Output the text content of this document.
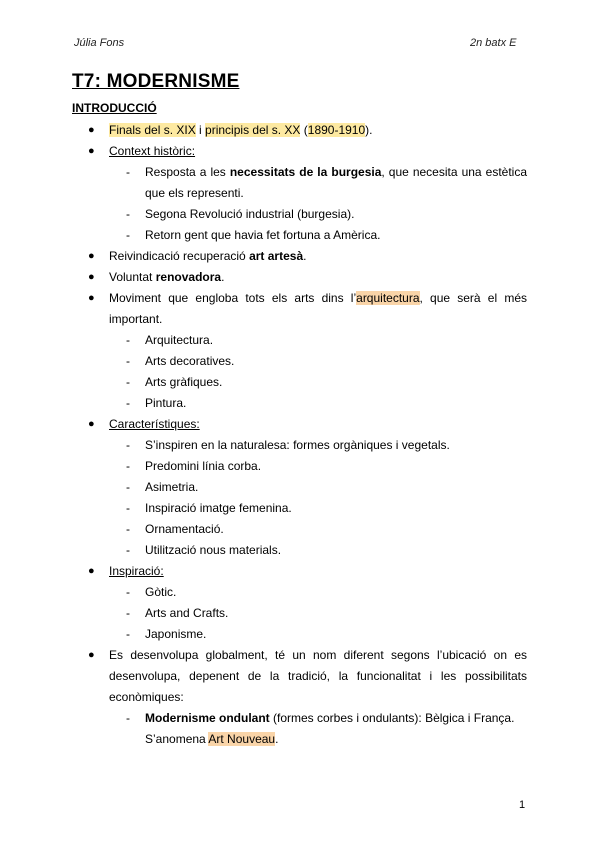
Júlia Fons	2n batx E
T7: MODERNISME
INTRODUCCIÓ
● Finals del s. XIX i principis del s. XX (1890-1910).
● Context històric:
- Resposta a les necessitats de la burgesia, que necesita una estètica
que els representi.
- Segona Revolució industrial (burgesia).
- Retorn gent que havia fet fortuna a Amèrica.
● Reivindicació recuperació art artesà.
● Voluntat renovadora.
● Moviment que engloba tots els arts dins l’arquitectura, que serà el més
important.
- Arquitectura.
- Arts decoratives.
- Arts gràfiques.
- Pintura.
● Característiques:
- S’inspiren en la naturalesa: formes orgàniques i vegetals.
- Predomini línia corba.
- Asimetria.
- Inspiració imatge femenina.
- Ornamentació.
- Utilització nous materials.
● Inspiració:
- Gòtic.
- Arts and Crafts.
- Japonisme.
● Es desenvolupa globalment, té un nom diferent segons l’ubicació on es
desenvolupa, depenent de la tradició, la funcionalitat i les possibilitats
econòmiques:
- Modernisme ondulant (formes corbes i ondulants): Bèlgica i França.
S’anomena Art Nouveau.
1
